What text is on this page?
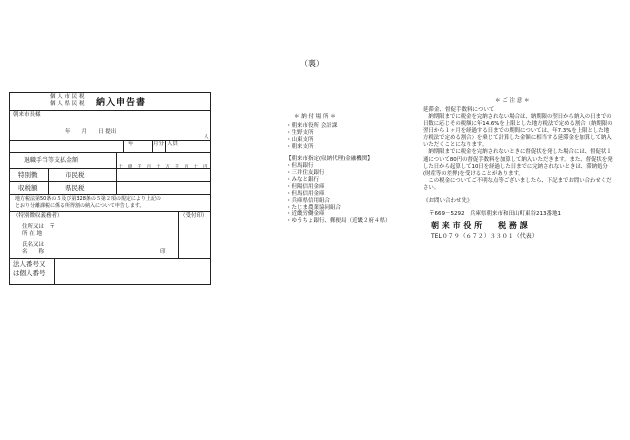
（裏）
個 人 市 民 税
個 人 県 民 税 納入申告書
朝来市長様
年　　月　　日 提出
年	月分 人員
人
十 億 千 百 十 万 千 百 十 円
退職手当等支払金額
特別徴	市民税
収税額	県民税
地方税法第50条の５及び第328条の５第２項の規定により上記の
とおり分離課税に係る所得割の納入について申告します。
（特別徴収義務者）	（受付印）
住所又は　〒
所 在 地
氏名又は
名　　称	印
法人番号又
は個人番号
＊ 納 付 場 所 ＊
・朝来市役所 会計課
・生野支所
・山東支所
・朝来支所
【朝来市指定(収納代理)金融機関】
・但馬銀行
・三井住友銀行
・みなと銀行
・但陽信用金庫
・但馬信用金庫
・兵庫県信用組合
・たじま農業協同組合
・近畿労働金庫
・ゆうちょ銀行、郵便局（近畿２府４県）
＊ ご 注 意 ＊
延滞金、督促手数料について

納期限までに税金を完納されない場合は、納期限の翌日から納入の日までの日数に応じその税額に年14.6%を上限とした地方税法で定める割合（納期限の翌日から１ヶ月を経過する日までの期間については、年7.3%を上限とした地方税法で定める割合）を乗じて計算した金額に相当する延滞金を加算して納入いただくことになります。

納期限までに税金を完納されないときに督促状を発した場合には、督促状１通について80円の督促手数料を加算して納入いただきます。また、督促状を発した日から起算して10日を経過した日までに完納されないときは、滞納処分(財産等の差押)を受けることがあります。

この税金についてご不明な点等ございましたら、下記までお問い合わせください。

《お問い合わせ先》
〒669－5292　兵庫県朝来市和田山町東谷213番地1
朝 来 市 役 所　　税 務 課
TEL０７９（６７２）３３０１（代表）
